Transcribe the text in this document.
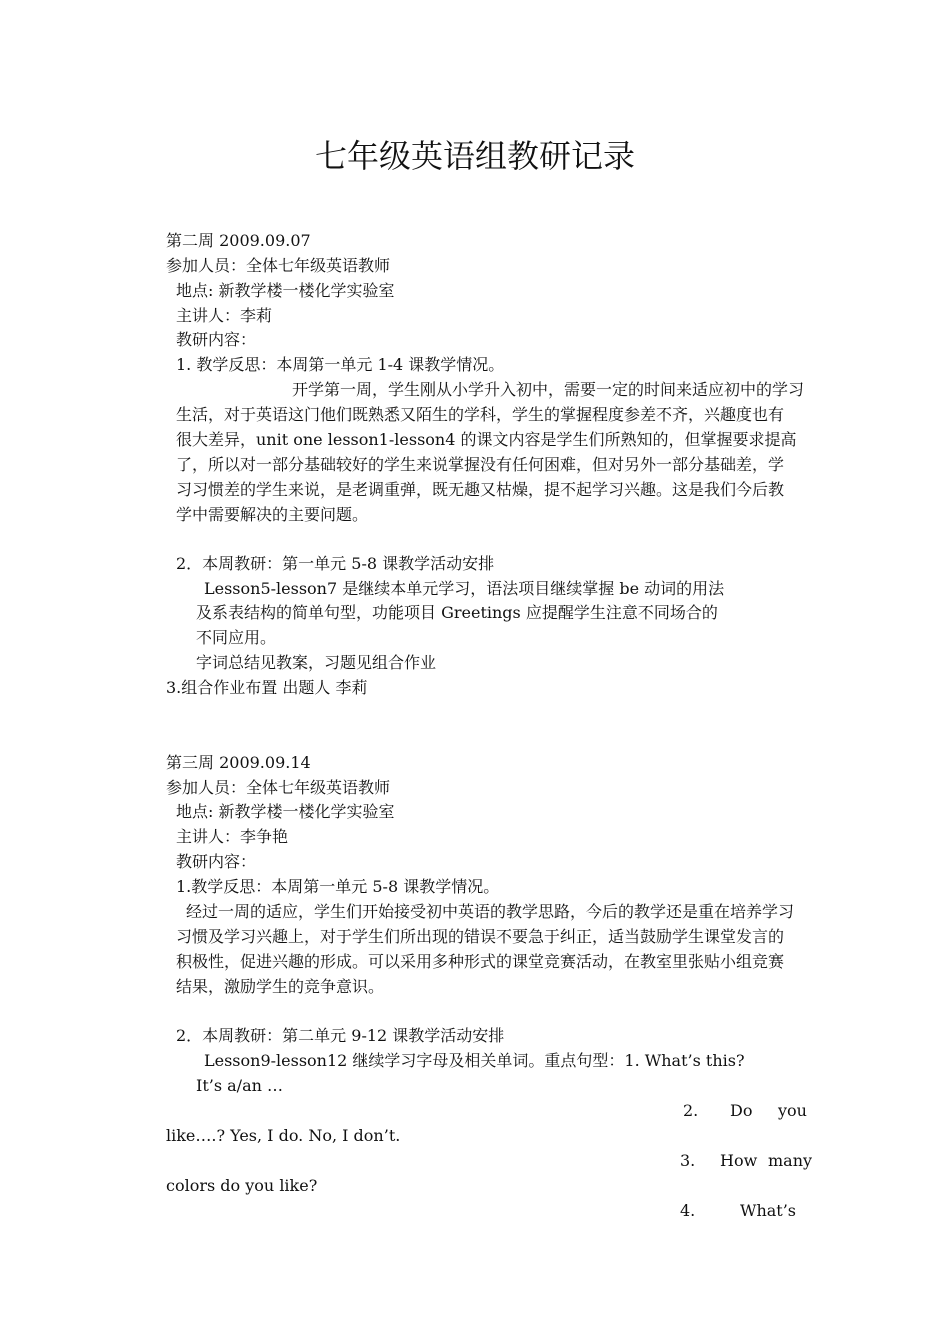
七年级英语组教研记录
第二周 2009.09.07
参加人员：全体七年级英语教师
地点: 新教学楼一楼化学实验室
主讲人：李莉
教研内容：
1. 教学反思：本周第一单元 1-4 课教学情况。
开学第一周，学生刚从小学升入初中，需要一定的时间来适应初中的学习
生活，对于英语这门他们既熟悉又陌生的学科，学生的掌握程度参差不齐，兴趣度也有
很大差异，unit one lesson1-lesson4 的课文内容是学生们所熟知的，但掌握要求提高
了，所以对一部分基础较好的学生来说掌握没有任何困难，但对另外一部分基础差，学
习习惯差的学生来说，是老调重弹，既无趣又枯燥，提不起学习兴趣。这是我们今后教
学中需要解决的主要问题。
2．本周教研：第一单元 5-8 课教学活动安排
Lesson5-lesson7 是继续本单元学习，语法项目继续掌握 be 动词的用法
及系表结构的简单句型，功能项目 Greetings 应提醒学生注意不同场合的
不同应用。
字词总结见教案，习题见组合作业
3.组合作业布置 出题人 李莉
第三周 2009.09.14
参加人员：全体七年级英语教师
地点: 新教学楼一楼化学实验室
主讲人：李争艳
教研内容：
1.教学反思：本周第一单元 5-8 课教学情况。
经过一周的适应，学生们开始接受初中英语的教学思路，今后的教学还是重在培养学习
习惯及学习兴趣上，对于学生们所出现的错误不要急于纠正，适当鼓励学生课堂发言的
积极性，促进兴趣的形成。可以采用多种形式的课堂竞赛活动，在教室里张贴小组竞赛
结果，激励学生的竞争意识。
2．本周教研：第二单元 9-12 课教学活动安排
Lesson9-lesson12 继续学习字母及相关单词。重点句型：1. What’s this?
It’s a/an …
2. Do you
like….? Yes, I do. No, I don’t.
3. How many
colors do you like?
4.	What’s
